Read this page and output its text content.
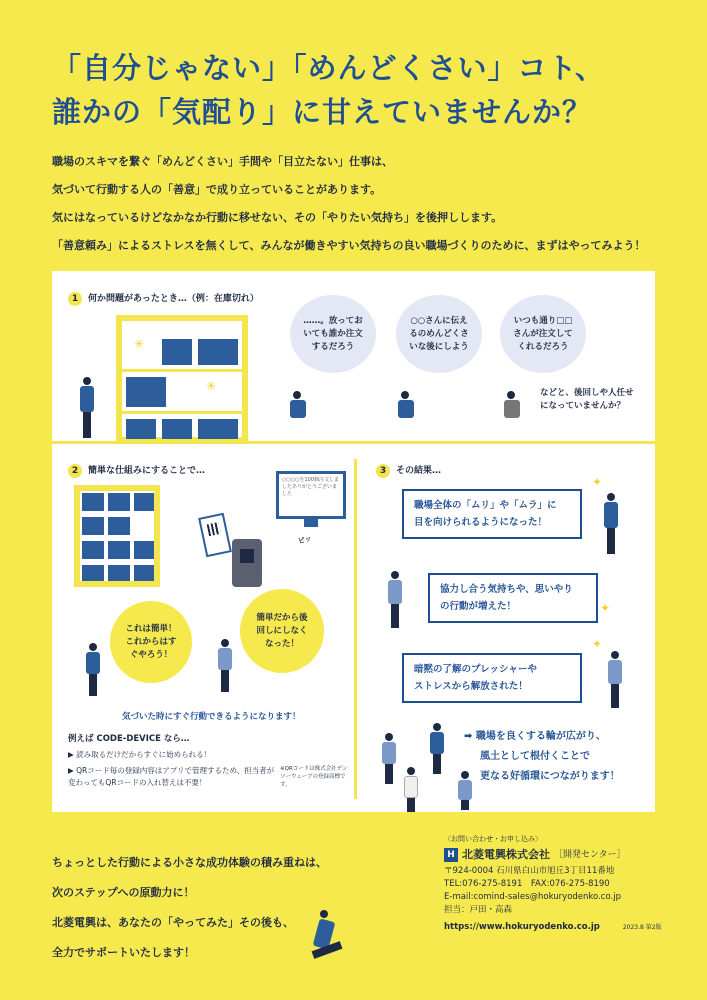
「自分じゃない」「めんどくさい」コト、
誰かの「気配り」に甘えていませんか？

職場のスキマを繋ぐ「めんどくさい」手間や「目立たない」仕事は、

気づいて行動する人の「善意」で成り立っていることがあります。

気にはなっているけどなかなか行動に移せない、その「やりたい気持ち」を後押しします。

「善意頼み」によるストレスを無くして、みんなが働きやすい気持ちの良い職場づくりのために、まずはやってみよう！

1 何か問題があったとき…（例：在庫切れ）
✳
✳
……。放っておいても誰か注文するだろう
○○さんに伝えるのめんどくさいな後にしよう
いつも通り□□さんが注文してくれるだろう
などと、後回しや人任せになっていませんか？
2 簡単な仕組みにすることで…
○○○○を100個注文しましたありがとうございました
ピッ
これは簡単！これからはすぐやろう！
簡単だから後回しにしなくなった！
気づいた時にすぐ行動できるようになります！
例えば CODE-DEVICE なら…
▶ 読み取るだけだからすぐに始められる！
▶ QRコード毎の登録内容はアプリで管理するため、担当者が変わってもQRコードの入れ替えは不要！
※QRコードは株式会社デンソーウェーブの登録商標です。
3 その結果…
職場全体の「ムリ」や「ムラ」に
目を向けられるようになった！
協力し合う気持ちや、思いやり
の行動が増えた！
暗黙の了解のプレッシャーや
ストレスから解放された！
✦
✦
✦
➡ 職場を良くする輪が広がり、
風土として根付くことで
更なる好循環につながります！

ちょっとした行動による小さな成功体験の積み重ねは、

次のステップへの原動力に！

北菱電興は、あなたの「やってみた」その後も、

全力でサポートいたします！

〈お問い合わせ・お申し込み〉
H 北菱電興株式会社 ［開発センター］
〒924-0004 石川県白山市旭丘3丁目11番地
TEL:076-275-8191　FAX:076-275-8190
E-mail:comind-sales@hokuryodenko.co.jp
担当：戸田・高森
https://www.hokuryodenko.co.jp	2023.8 第2版
